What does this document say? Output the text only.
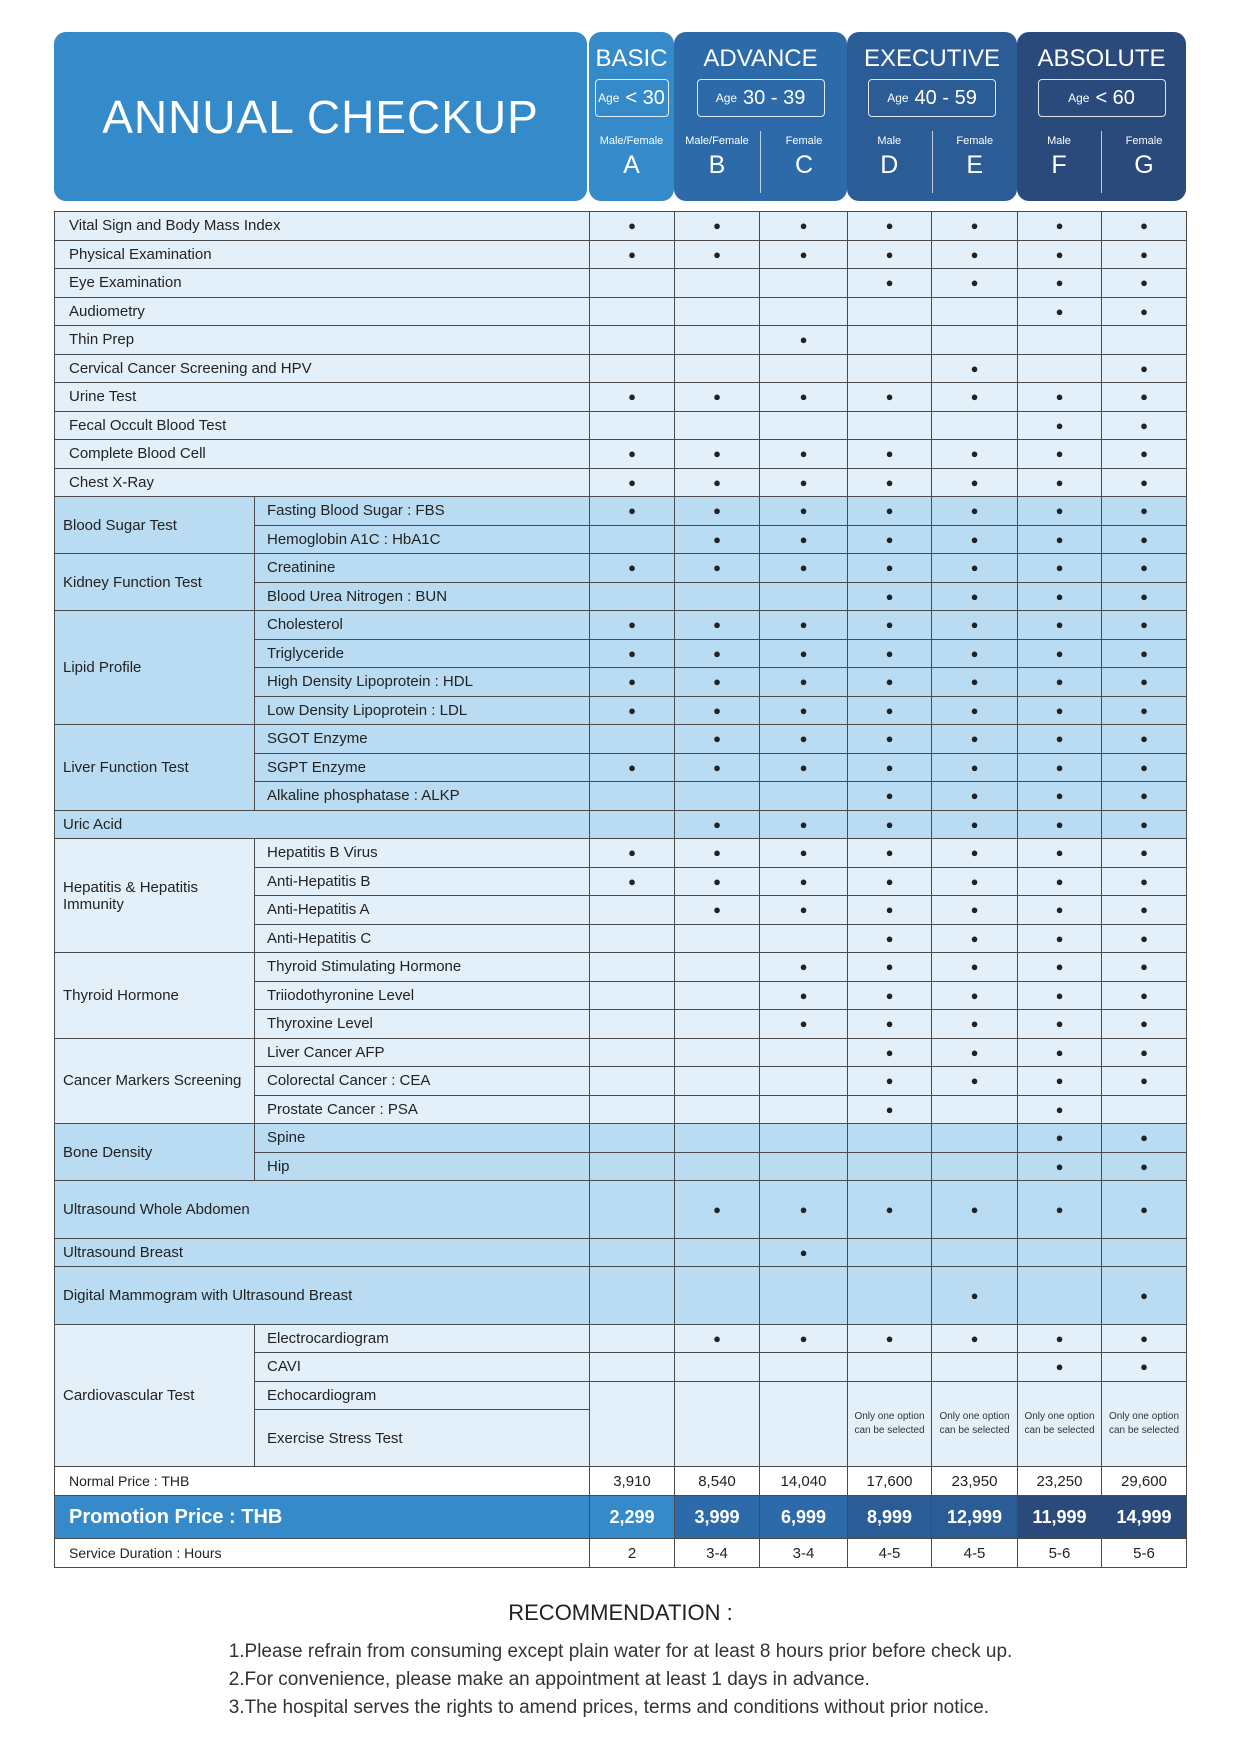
ANNUAL CHECKUP
BASIC
Age < 30
Male/Female
A
ADVANCE
Age 30 - 39
Male/Female
B
Female
C
EXECUTIVE
Age 40 - 59
Male
D
Female
E
ABSOLUTE
Age < 60
Male
F
Female
G
Vital Sign and Body Mass Index		●	●	●	●	●	●	●
Physical Examination		●	●	●	●	●	●	●
Eye Examination					●	●	●	●
Audiometry							●	●
Thin Prep				●				
Cervical Cancer Screening and HPV						●		●
Urine Test		●	●	●	●	●	●	●
Fecal Occult Blood Test							●	●
Complete Blood Cell		●	●	●	●	●	●	●
Chest X-Ray		●	●	●	●	●	●	●
Blood Sugar Test	Fasting Blood Sugar : FBS	●	●	●	●	●	●	●
	Hemoglobin A1C : HbA1C		●	●	●	●	●	●
Kidney Function Test	Creatinine	●	●	●	●	●	●	●
	Blood Urea Nitrogen : BUN				●	●	●	●
Lipid Profile	Cholesterol	●	●	●	●	●	●	●
	Triglyceride	●	●	●	●	●	●	●
	High Density Lipoprotein : HDL	●	●	●	●	●	●	●
	Low Density Lipoprotein : LDL	●	●	●	●	●	●	●
Liver Function Test	SGOT Enzyme		●	●	●	●	●	●
	SGPT Enzyme	●	●	●	●	●	●	●
	Alkaline phosphatase : ALKP				●	●	●	●
Uric Acid			●	●	●	●	●	●
Hepatitis & Hepatitis Immunity	Hepatitis B Virus	●	●	●	●	●	●	●
	Anti-Hepatitis B	●	●	●	●	●	●	●
	Anti-Hepatitis A		●	●	●	●	●	●
	Anti-Hepatitis C				●	●	●	●
Thyroid Hormone	Thyroid Stimulating Hormone			●	●	●	●	●
	Triiodothyronine Level			●	●	●	●	●
	Thyroxine Level			●	●	●	●	●
Cancer Markers Screening	Liver Cancer AFP				●	●	●	●
	Colorectal Cancer : CEA				●	●	●	●
	Prostate Cancer : PSA				●		●	
Bone Density	Spine						●	●
	Hip						●	●
Ultrasound Whole Abdomen			●	●	●	●	●	●
Ultrasound Breast				●				
Digital Mammogram with Ultrasound Breast						●		●
Cardiovascular Test	Electrocardiogram		●	●	●	●	●	●
	CAVI						●	●
	Echocardiogram				Only one option can be selected	Only one option can be selected	Only one option can be selected	Only one option can be selected
	Exercise Stress Test							
Normal Price : THB		3,910	8,540	14,040	17,600	23,950	23,250	29,600
Promotion Price : THB		2,299	3,999	6,999	8,999	12,999	11,999	14,999
Service Duration : Hours		2	3-4	3-4	4-5	4-5	5-6	5-6
RECOMMENDATION :
1.Please refrain from consuming except plain water for at least 8 hours prior before check up.
2.For convenience, please make an appointment at least 1 days in advance.
3.The hospital serves the rights to amend prices, terms and conditions without prior notice.
